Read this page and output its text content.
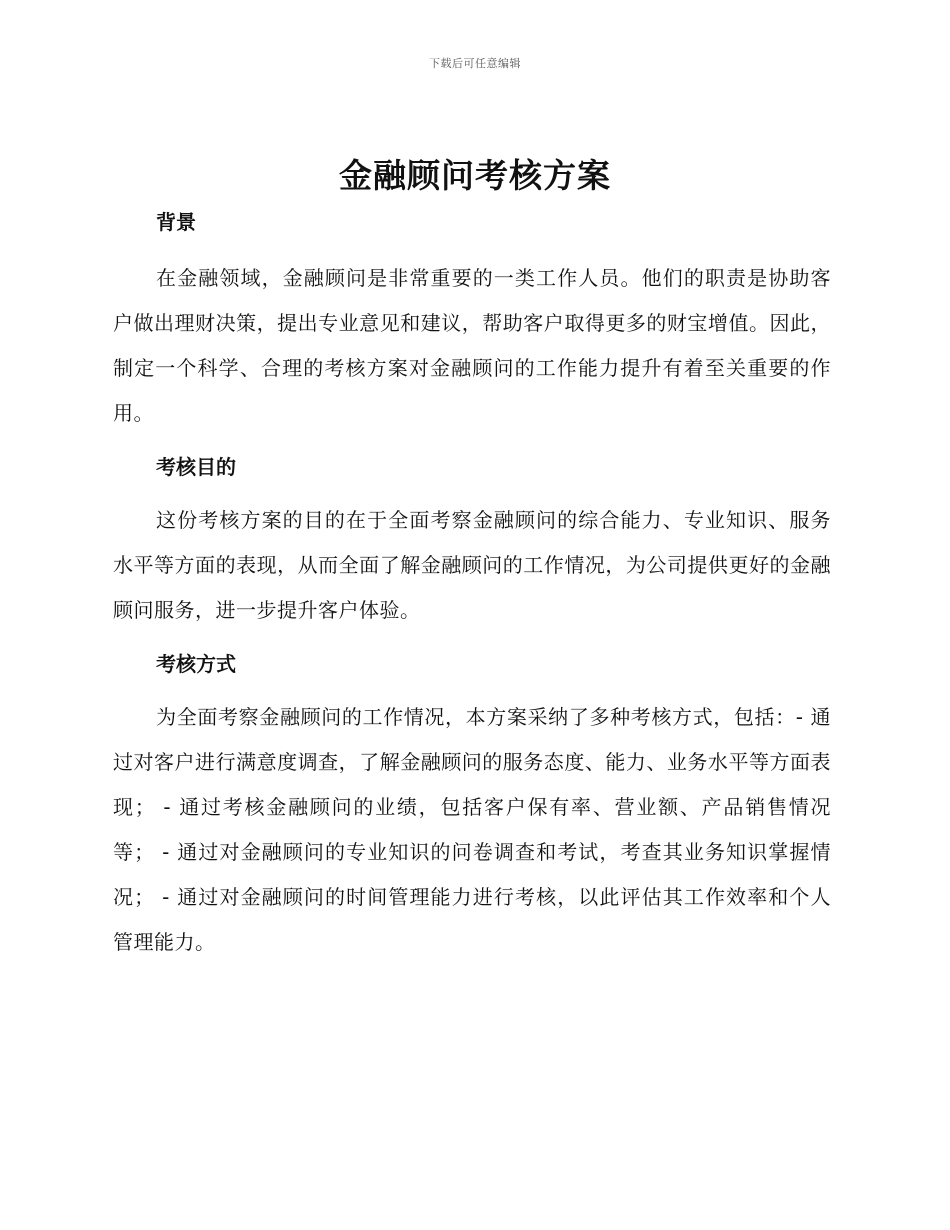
下载后可任意编辑
金融顾问考核方案
背景

在金融领域，金融顾问是非常重要的一类工作人员。他们的职责是协助客户做出理财决策，提出专业意见和建议，帮助客户取得更多的财宝增值。因此，制定一个科学、合理的考核方案对金融顾问的工作能力提升有着至关重要的作用。

考核目的

这份考核方案的目的在于全面考察金融顾问的综合能力、专业知识、服务水平等方面的表现，从而全面了解金融顾问的工作情况，为公司提供更好的金融顾问服务，进一步提升客户体验。

考核方式

为全面考察金融顾问的工作情况，本方案采纳了多种考核方式，包括：- 通过对客户进行满意度调查，了解金融顾问的服务态度、能力、业务水平等方面表现； - 通过考核金融顾问的业绩，包括客户保有率、营业额、产品销售情况等； - 通过对金融顾问的专业知识的问卷调查和考试，考查其业务知识掌握情况； - 通过对金融顾问的时间管理能力进行考核，以此评估其工作效率和个人管理能力。
